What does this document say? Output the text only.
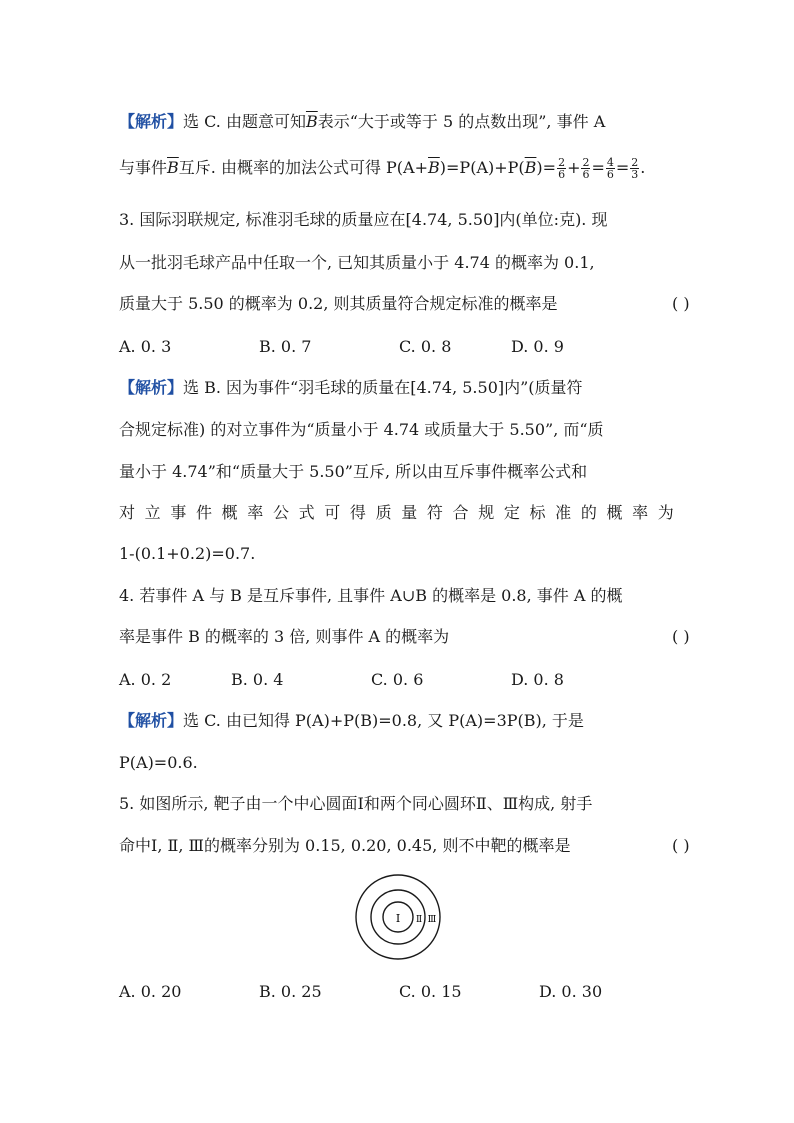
【解析】选 C. 由题意可知$\overline{B}$表示“大于或等于 5 的点数出现”, 事件 A
与事件$\overline{B}$互斥. 由概率的加法公式可得 $P(A+\overline{B})=P(A)+P(\overline{B})= \frac{2}{6} + \frac{2}{6} = \frac{4}{6} = \frac{2}{3}$ .
3. 国际羽联规定, 标准羽毛球的质量应在[4.74, 5.50]内(单位:克). 现
从一批羽毛球产品中任取一个, 已知其质量小于 4.74 的概率为 0.1,
质量大于 5.50 的概率为 0.2, 则其质量符合规定标准的概率是	( )
A. 0. 3	B. 0. 7	C. 0. 8	D. 0. 9
【解析】选 B. 因为事件“羽毛球的质量在[4.74, 5.50]内”(质量符
合规定标准) 的对立事件为“质量小于 4.74 或质量大于 5.50”, 而“质
量小于 4.74”和“质量大于 5.50”互斥, 所以由互斥事件概率公式和
对 立 事 件 概 率 公 式 可 得 质 量 符 合 规 定 标 准 的 概 率 为
1-(0.1+0.2)=0.7.
4. 若事件 A 与 B 是互斥事件, 且事件 A∪B 的概率是 0.8, 事件 A 的概
率是事件 B 的概率的 3 倍, 则事件 A 的概率为	( )
A. 0. 2	B. 0. 4	C. 0. 6	D. 0. 8
【解析】选 C. 由已知得 P(A)+P(B)=0.8, 又 P(A)=3P(B), 于是
P(A)=0.6.
5. 如图所示, 靶子由一个中心圆面Ⅰ和两个同心圆环Ⅱ、Ⅲ构成, 射手
命中Ⅰ, Ⅱ, Ⅲ的概率分别为 0.15, 0.20, 0.45, 则不中靶的概率是	( )
Ⅰ Ⅱ Ⅲ
A. 0. 20	B. 0. 25	C. 0. 15	D. 0. 30
